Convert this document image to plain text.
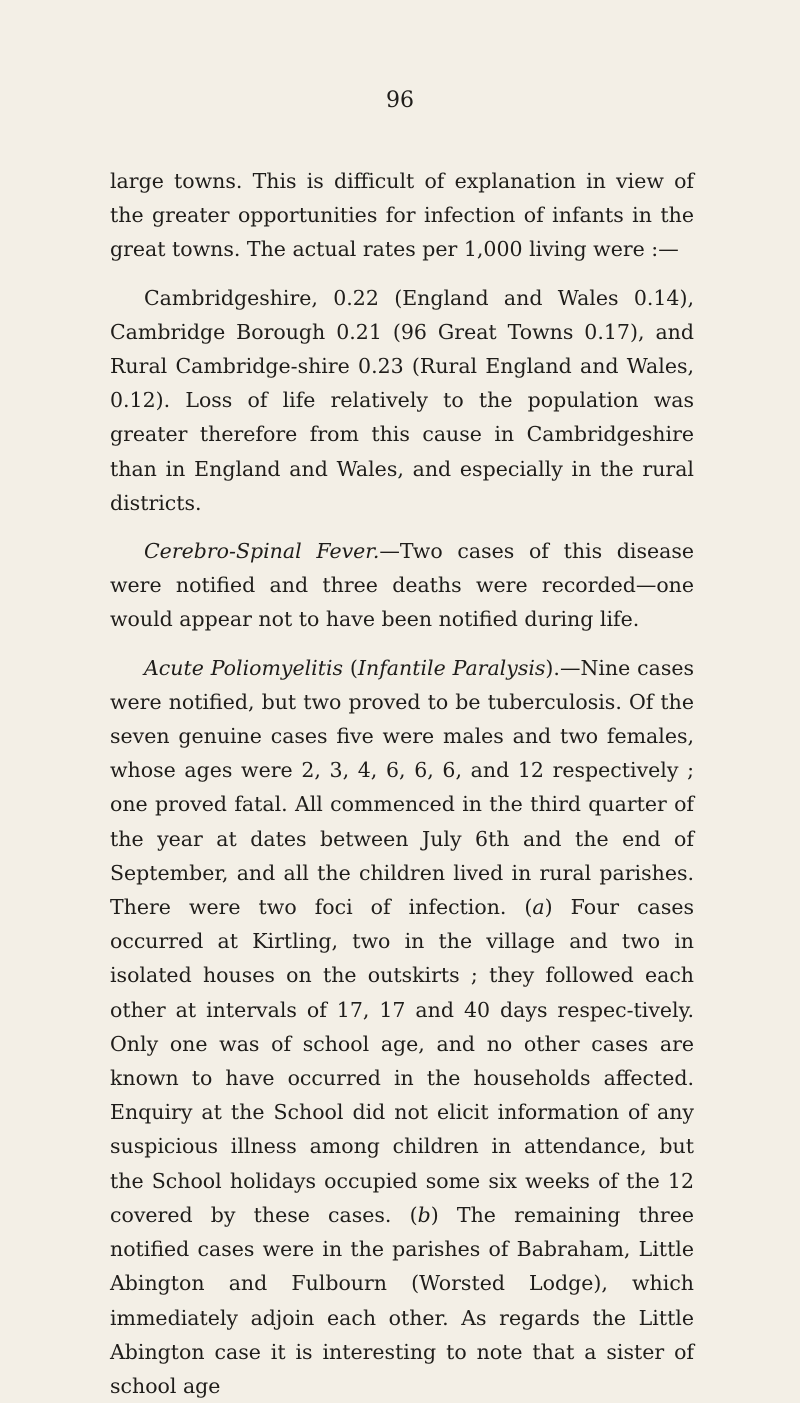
96

large towns. This is difficult of explanation in view of the greater opportunities for infection of infants in the great towns. The actual rates per 1,000 living were :—

Cambridgeshire, 0.22 (England and Wales 0.14), Cambridge Borough 0.21 (96 Great Towns 0.17), and Rural Cambridge-shire 0.23 (Rural England and Wales, 0.12). Loss of life relatively to the population was greater therefore from this cause in Cambridgeshire than in England and Wales, and especially in the rural districts.

Cerebro-Spinal Fever.—Two cases of this disease were notified and three deaths were recorded—one would appear not to have been notified during life.

Acute Poliomyelitis (Infantile Paralysis).—Nine cases were notified, but two proved to be tuberculosis. Of the seven genuine cases five were males and two females, whose ages were 2, 3, 4, 6, 6, 6, and 12 respectively ; one proved fatal. All commenced in the third quarter of the year at dates between July 6th and the end of September, and all the children lived in rural parishes. There were two foci of infection. (a) Four cases occurred at Kirtling, two in the village and two in isolated houses on the outskirts ; they followed each other at intervals of 17, 17 and 40 days respec-tively. Only one was of school age, and no other cases are known to have occurred in the households affected. Enquiry at the School did not elicit information of any suspicious illness among children in attendance, but the School holidays occupied some six weeks of the 12 covered by these cases. (b) The remaining three notified cases were in the parishes of Babraham, Little Abington and Fulbourn (Worsted Lodge), which immediately adjoin each other. As regards the Little Abington case it is interesting to note that a sister of school age
